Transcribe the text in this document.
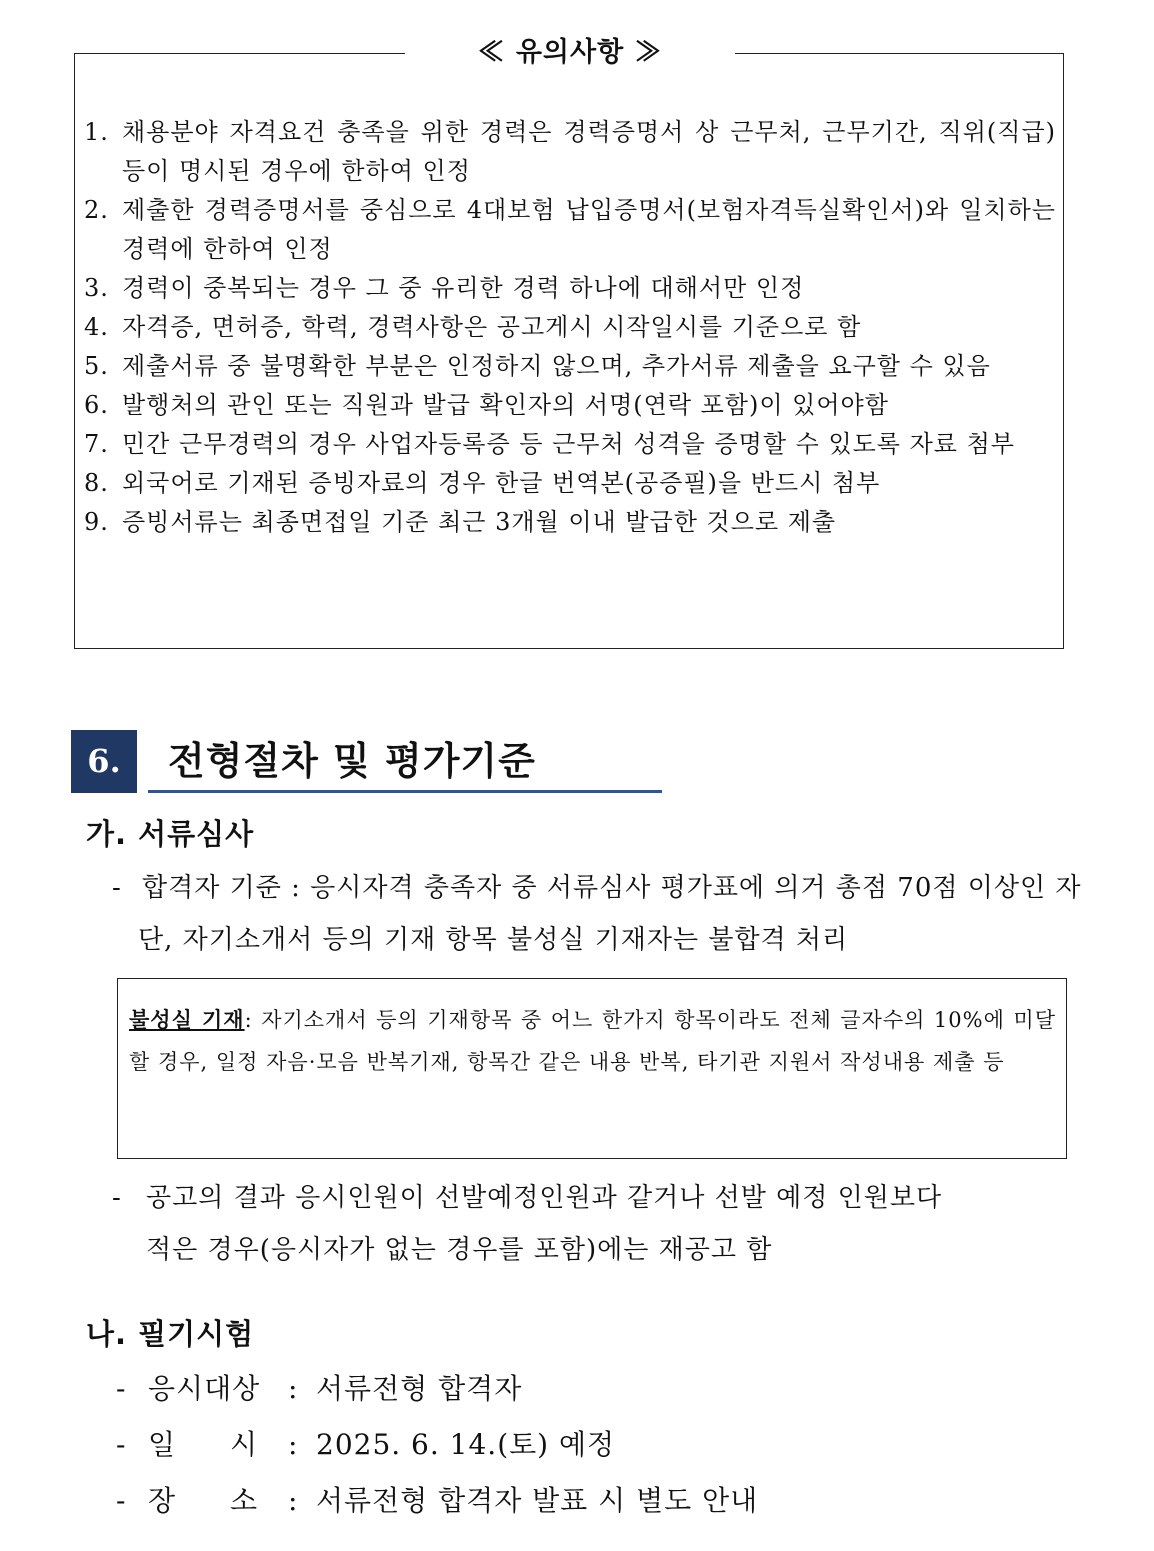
≪ 유의사항 ≫
1. 채용분야 자격요건 충족을 위한 경력은 경력증명서 상 근무처, 근무기간, 직위(직급)등이 명시된 경우에 한하여 인정
2. 제출한 경력증명서를 중심으로 4대보험 납입증명서(보험자격득실확인서)와 일치하는 경력에 한하여 인정
3. 경력이 중복되는 경우 그 중 유리한 경력 하나에 대해서만 인정
4. 자격증, 면허증, 학력, 경력사항은 공고게시 시작일시를 기준으로 함
5. 제출서류 중 불명확한 부분은 인정하지 않으며, 추가서류 제출을 요구할 수 있음
6. 발행처의 관인 또는 직원과 발급 확인자의 서명(연락 포함)이 있어야함
7. 민간 근무경력의 경우 사업자등록증 등 근무처 성격을 증명할 수 있도록 자료 첨부
8. 외국어로 기재된 증빙자료의 경우 한글 번역본(공증필)을 반드시 첨부
9. 증빙서류는 최종면접일 기준 최근 3개월 이내 발급한 것으로 제출
6.	전형절차 및 평가기준
가. 서류심사
- 합격자 기준 : 응시자격 충족자 중 서류심사 평가표에 의거 총점 70점 이상인 자
단, 자기소개서 등의 기재 항목 불성실 기재자는 불합격 처리
불성실 기재: 자기소개서 등의 기재항목 중 어느 한가지 항목이라도 전체 글자수의 10%에 미달할 경우, 일정 자음·모음 반복기재, 항목간 같은 내용 반복, 타기관 지원서 작성내용 제출 등
- 공고의 결과 응시인원이 선발예정인원과 같거나 선발 예정 인원보다
적은 경우(응시자가 없는 경우를 포함)에는 재공고 함
나. 필기시험
- 응시대상 : 서류전형 합격자
- 일 시 : 2025. 6. 14.(토) 예정
- 장 소 : 서류전형 합격자 발표 시 별도 안내
